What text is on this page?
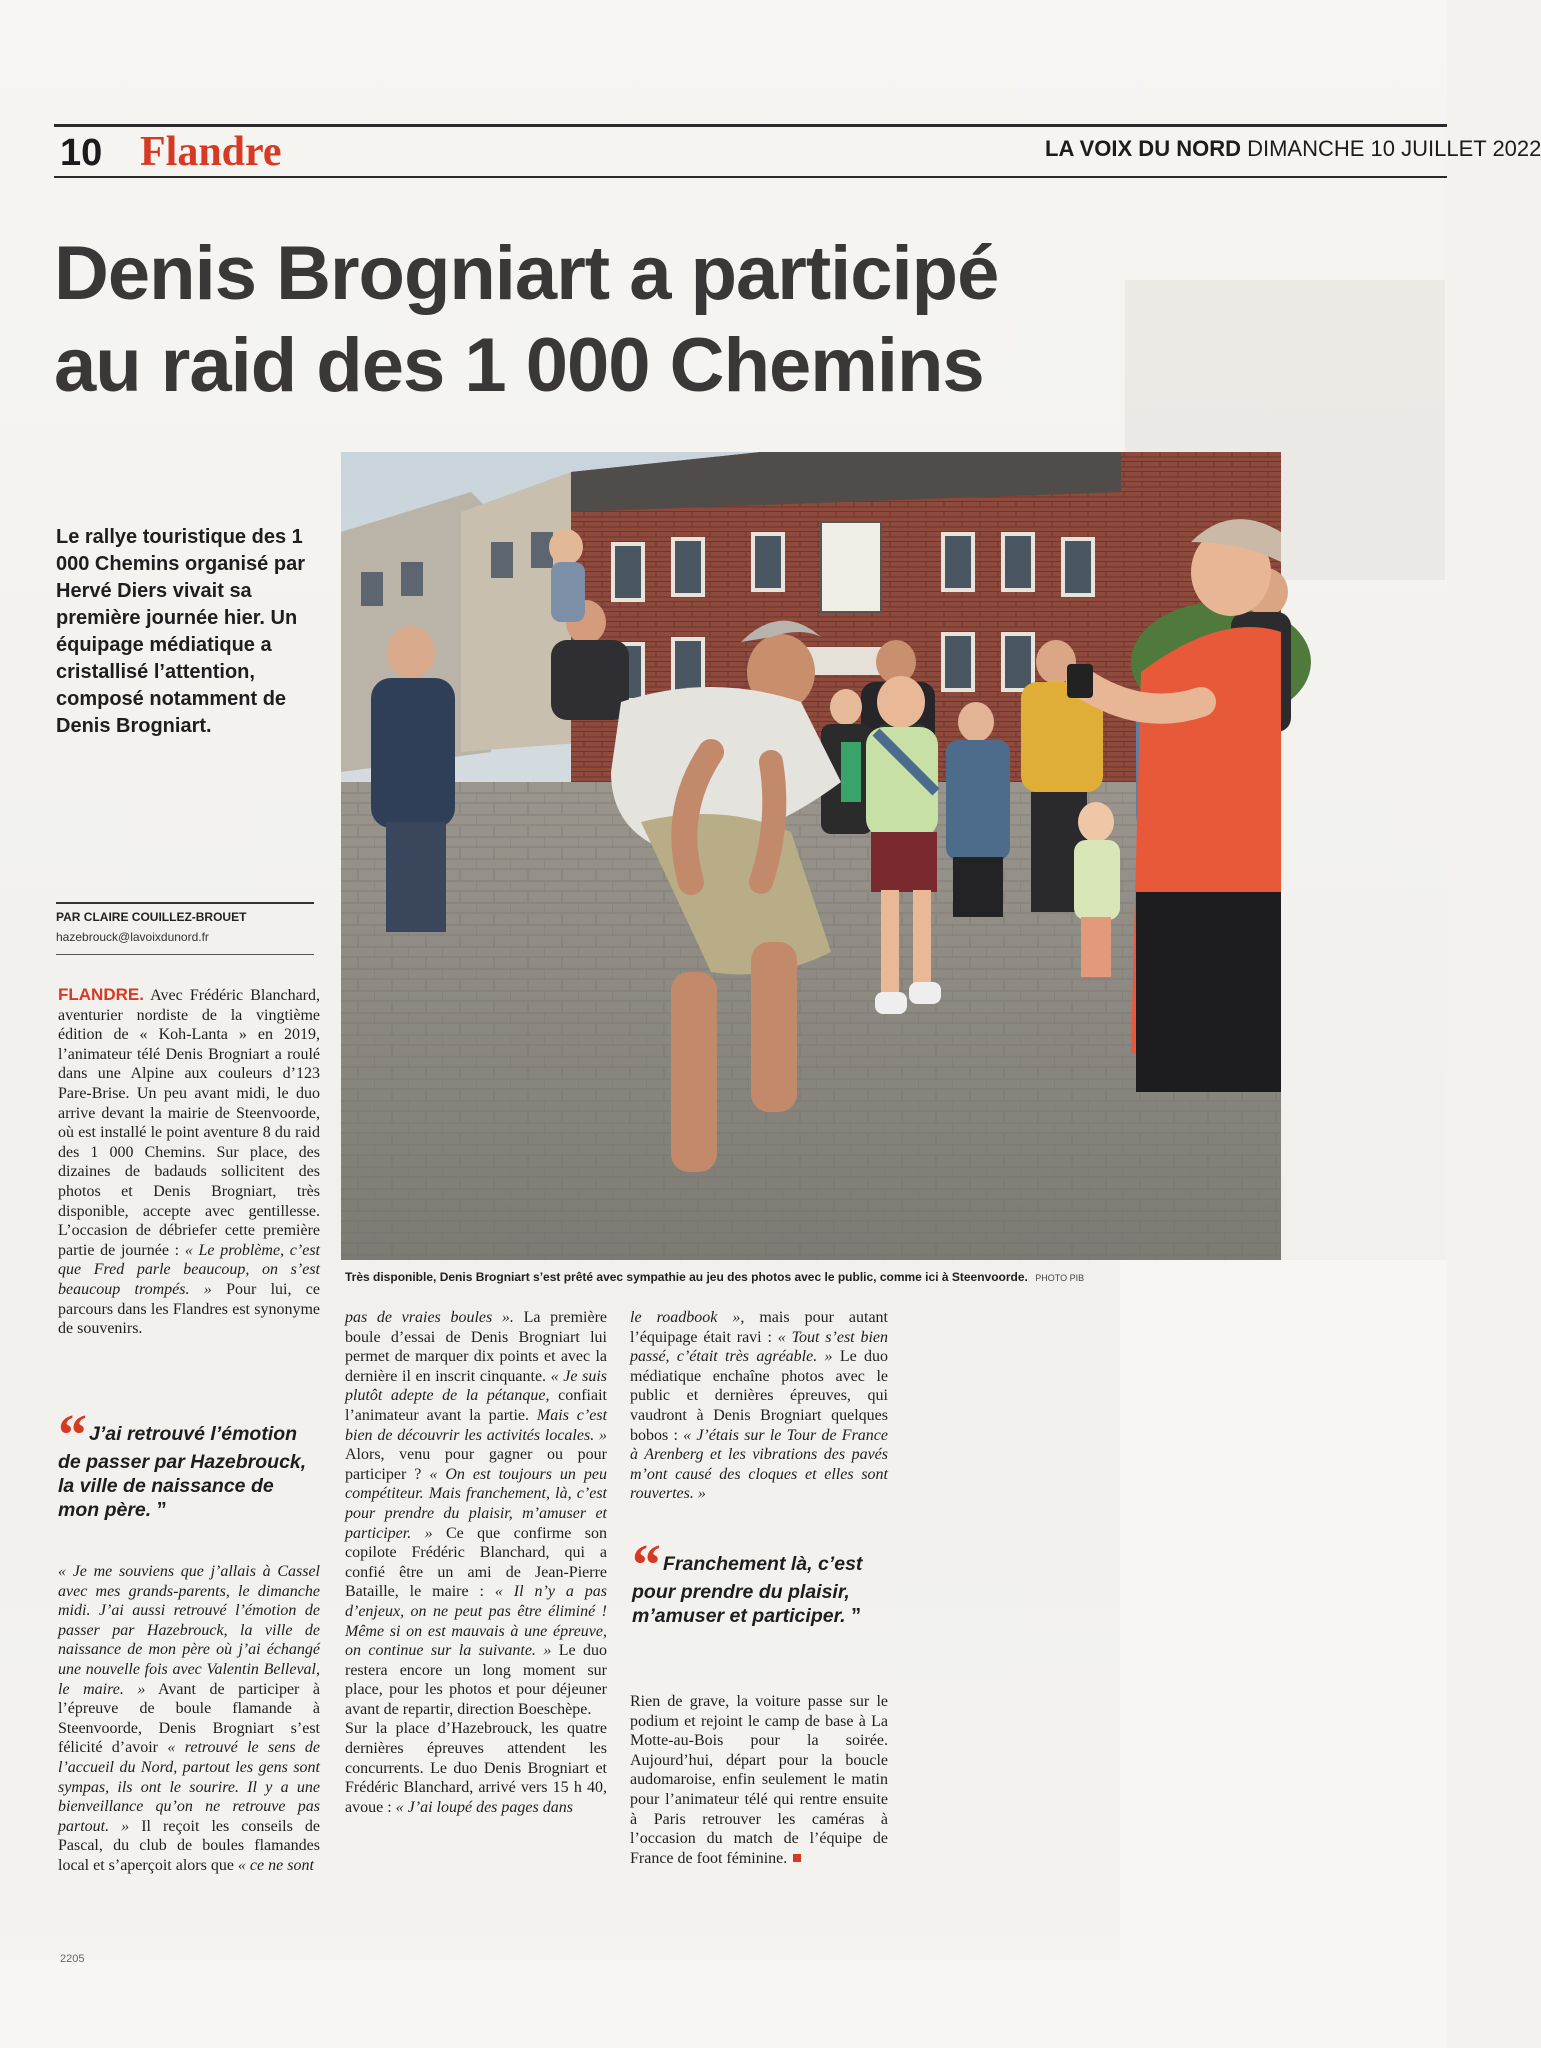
10 Flandre	LA VOIX DU NORD DIMANCHE 10 JUILLET 2022
Denis Brogniart a participé
au raid des 1 000 Chemins
Le rallye touristique des 1 000 Chemins organisé par Hervé Diers vivait sa première journée hier. Un équipage médiatique a cristallisé l’attention, composé notamment de Denis Brogniart.
PAR CLAIRE COUILLEZ-BROUET
hazebrouck@lavoixdunord.fr
Très disponible, Denis Brogniart s’est prêté avec sympathie au jeu des photos avec le public, comme ici à Steenvoorde. PHOTO PIB
FLANDRE. Avec Frédéric Blanchard, aventurier nordiste de la vingtième édition de « Koh-Lanta » en 2019, l’animateur télé Denis Brogniart a roulé dans une Alpine aux couleurs d’123 Pare-Brise. Un peu avant midi, le duo arrive devant la mairie de Steenvoorde, où est installé le point aventure 8 du raid des 1 000 Chemins. Sur place, des dizaines de badauds sollicitent des photos et Denis Brogniart, très disponible, accepte avec gentillesse. L’occasion de débriefer cette première partie de journée : « Le problème, c’est que Fred parle beaucoup, on s’est beaucoup trompés. » Pour lui, ce parcours dans les Flandres est synonyme de souvenirs.
“ J’ai retrouvé l’émotion de passer par Hazebrouck, la ville de naissance de mon père. ”
« Je me souviens que j’allais à Cassel avec mes grands-parents, le dimanche midi. J’ai aussi retrouvé l’émotion de passer par Hazebrouck, la ville de naissance de mon père où j’ai échangé une nouvelle fois avec Valentin Belleval, le maire. » Avant de participer à l’épreuve de boule flamande à Steenvoorde, Denis Brogniart s’est félicité d’avoir « retrouvé le sens de l’accueil du Nord, partout les gens sont sympas, ils ont le sourire. Il y a une bienveillance qu’on ne retrouve pas partout. » Il reçoit les conseils de Pascal, du club de boules flamandes local et s’aperçoit alors que « ce ne sont
pas de vraies boules ». La première boule d’essai de Denis Brogniart lui permet de marquer dix points et avec la dernière il en inscrit cinquante. « Je suis plutôt adepte de la pétanque, confiait l’animateur avant la partie. Mais c’est bien de découvrir les activités locales. » Alors, venu pour gagner ou pour participer ? « On est toujours un peu compétiteur. Mais franchement, là, c’est pour prendre du plaisir, m’amuser et participer. » Ce que confirme son copilote Frédéric Blanchard, qui a confié être un ami de Jean-Pierre Bataille, le maire : « Il n’y a pas d’enjeux, on ne peut pas être éliminé ! Même si on est mauvais à une épreuve, on continue sur la suivante. » Le duo restera encore un long moment sur place, pour les photos et pour déjeuner avant de repartir, direction Boeschèpe.
Sur la place d’Hazebrouck, les quatre dernières épreuves attendent les concurrents. Le duo Denis Brogniart et Frédéric Blanchard, arrivé vers 15 h 40, avoue : « J’ai loupé des pages dans
le roadbook », mais pour autant l’équipage était ravi : « Tout s’est bien passé, c’était très agréable. » Le duo médiatique enchaîne photos avec le public et dernières épreuves, qui vaudront à Denis Brogniart quelques bobos : « J’étais sur le Tour de France à Arenberg et les vibrations des pavés m’ont causé des cloques et elles sont rouvertes. »
“ Franchement là, c’est pour prendre du plaisir, m’amuser et participer. ”
Rien de grave, la voiture passe sur le podium et rejoint le camp de base à La Motte-au-Bois pour la soirée. Aujourd’hui, départ pour la boucle audomaroise, enfin seulement le matin pour l’animateur télé qui rentre ensuite à Paris retrouver les caméras à l’occasion du match de l’équipe de France de foot féminine.
2205
